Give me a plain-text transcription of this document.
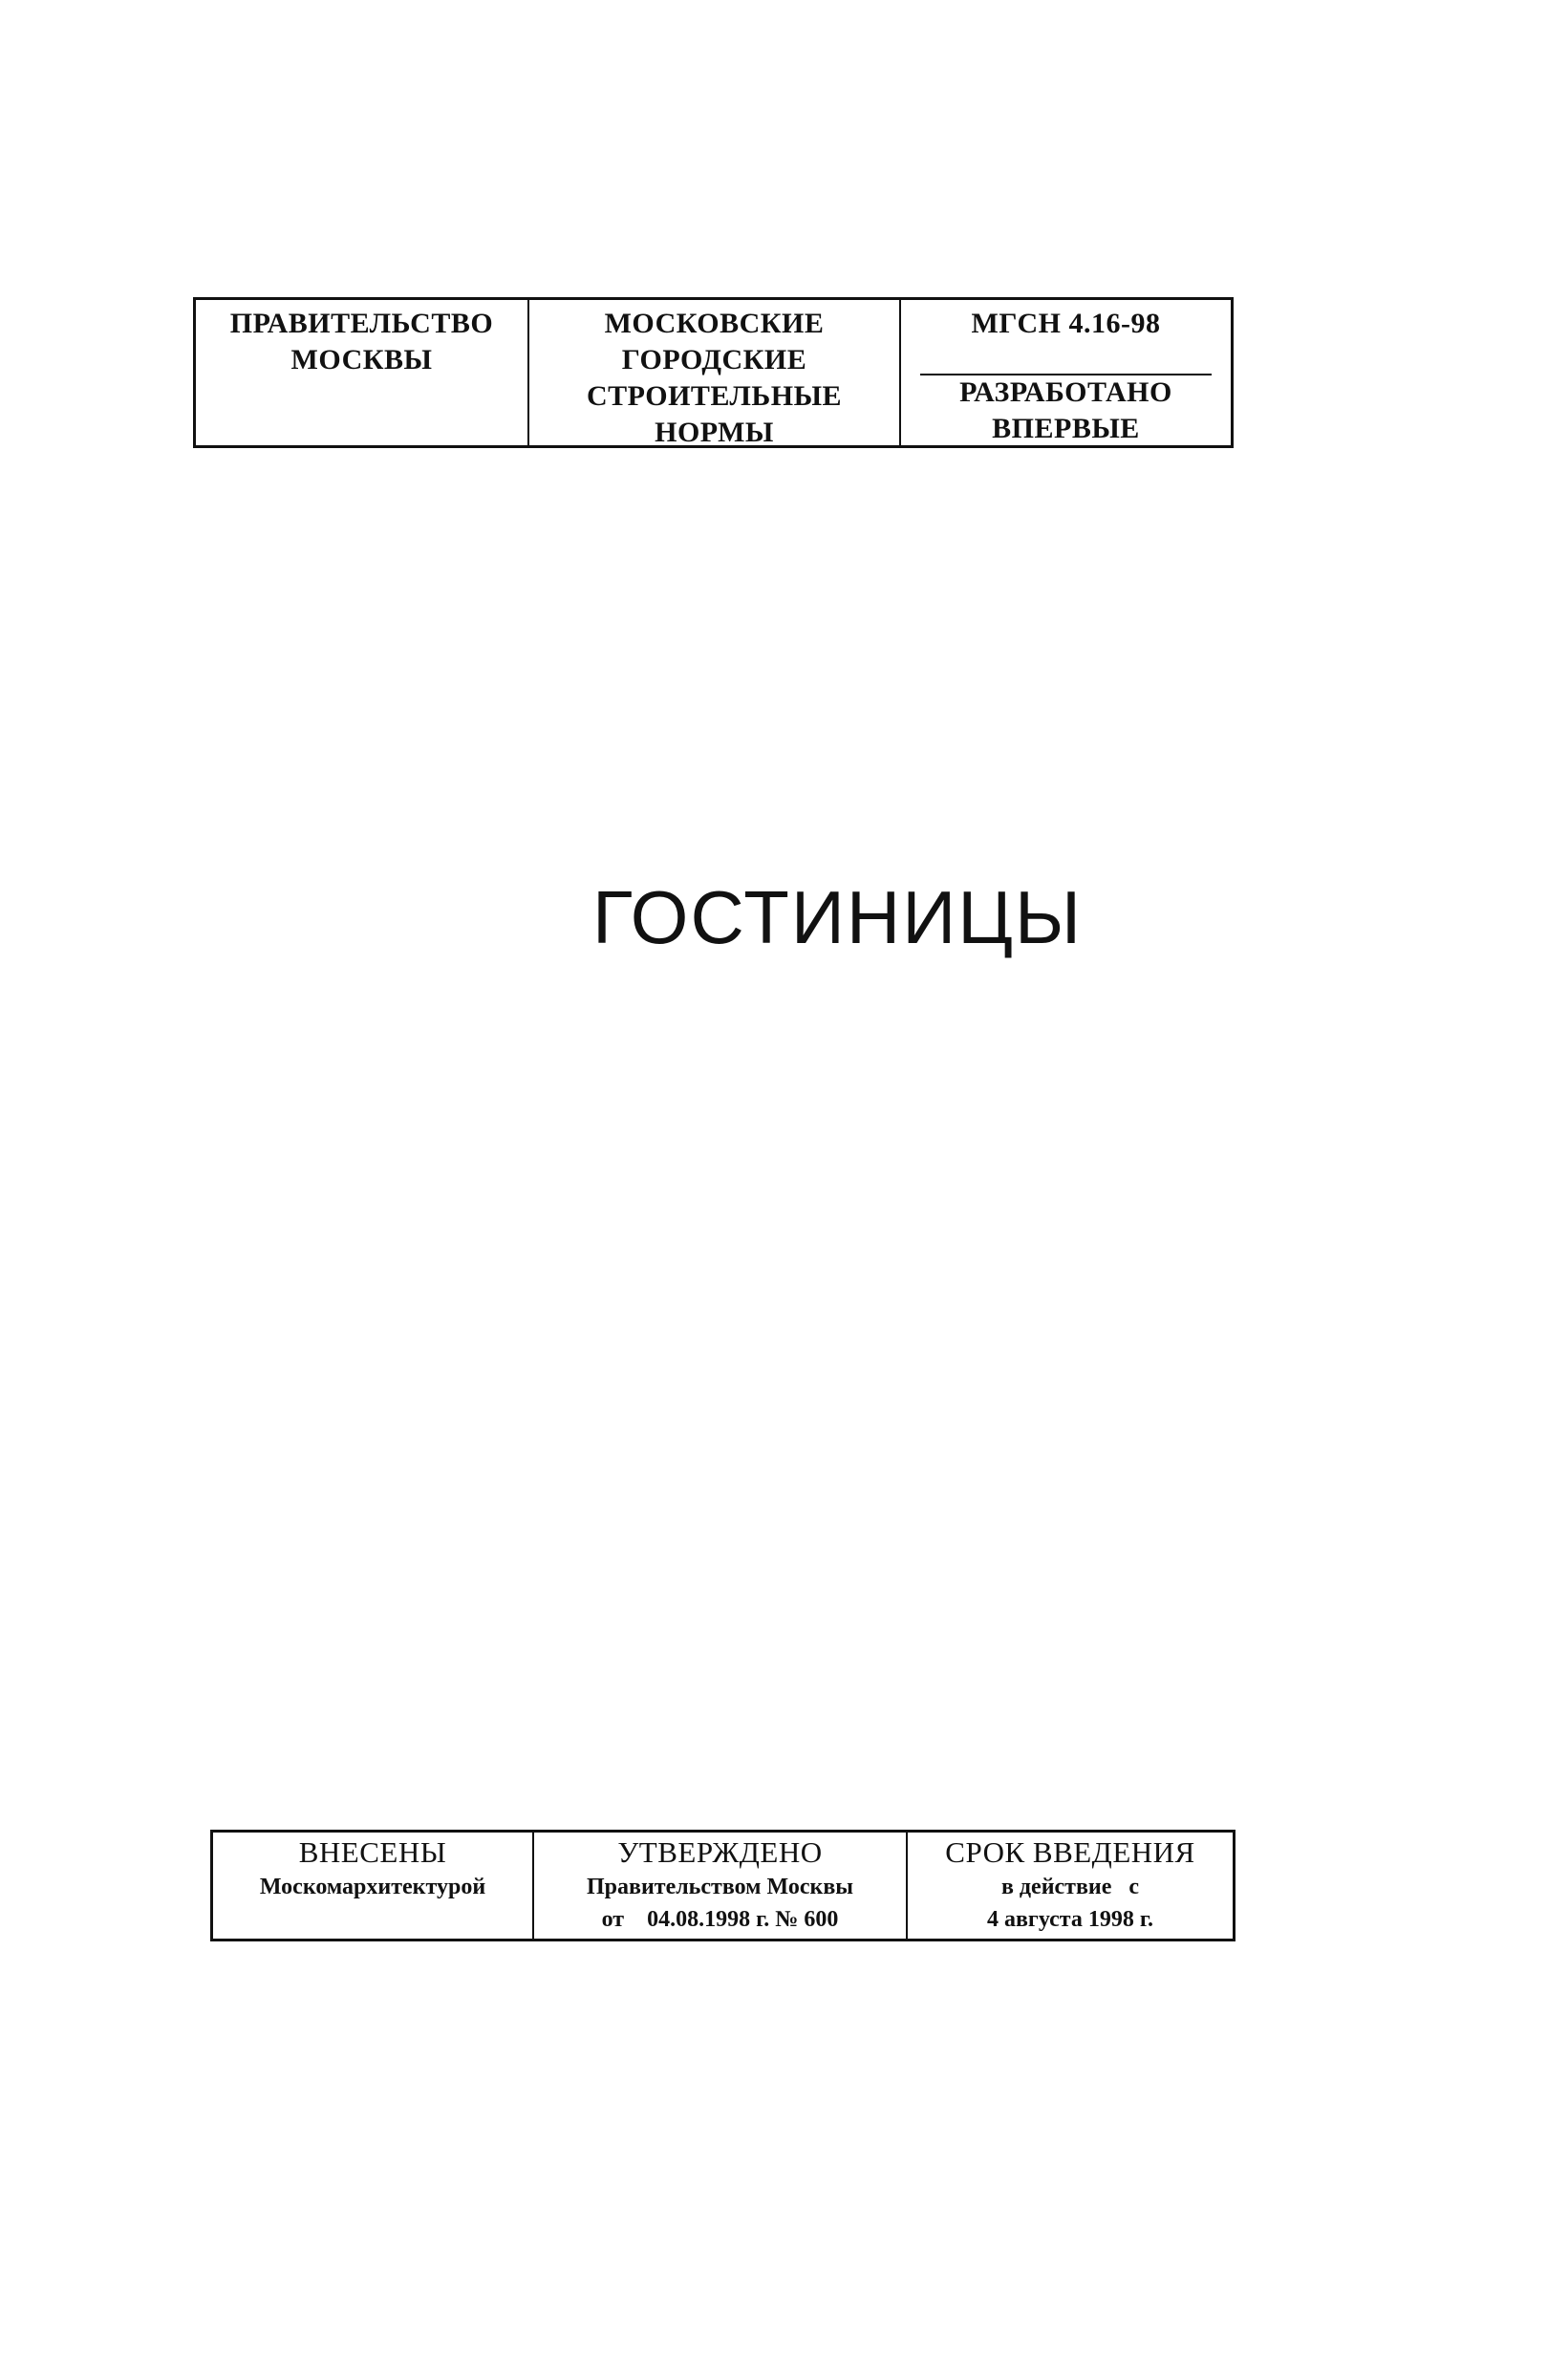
ПРАВИТЕЛЬСТВО
МОСКВЫ
МОСКОВСКИЕ
ГОРОДСКИЕ
СТРОИТЕЛЬНЫЕ
НОРМЫ
МГСН 4.16-98
РАЗРАБОТАНО
ВПЕРВЫЕ
ГОСТИНИЦЫ
ВНЕСЕНЫ
Москомархитектурой
УТВЕРЖДЕНО
Правительством Москвы
от    04.08.1998 г. № 600
СРОК ВВЕДЕНИЯ
в действие   с
4 августа 1998 г.
